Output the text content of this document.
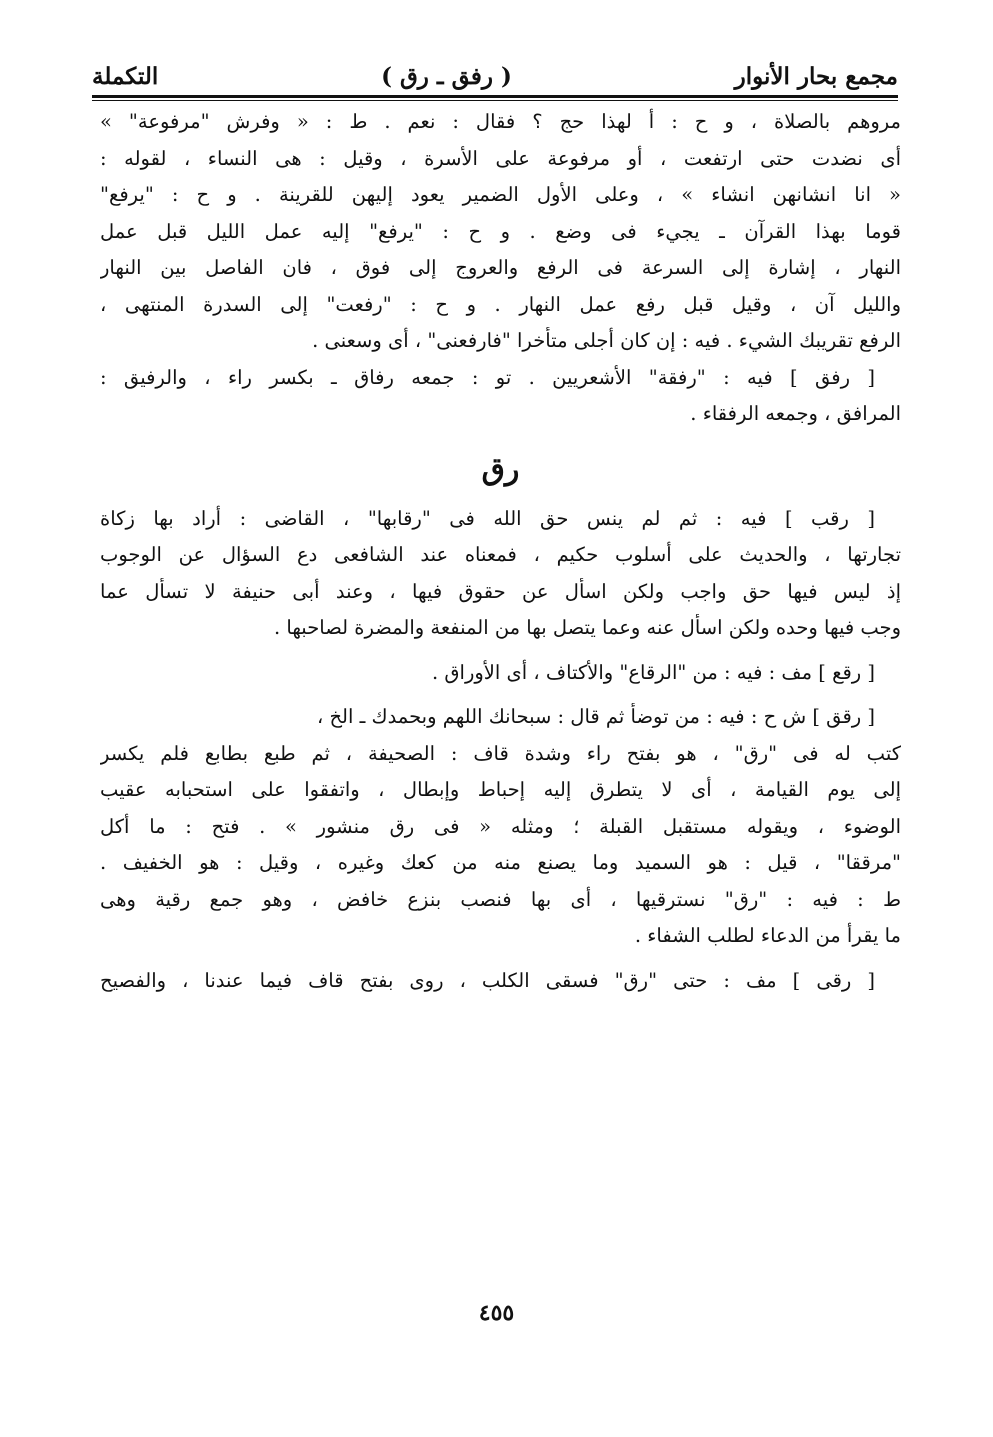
التكملة	( رفق ـ رق )	مجمع بحار الأنوار
مروهم بالصلاة ، و ح : أ لهذا حج ؟ فقال : نعم . ط : « وفرش "مرفوعة" »
أى نضدت حتى ارتفعت ، أو مرفوعة على الأسرة ، وقيل : هى النساء ، لقوله :
« انا انشانهن انشاء » ، وعلى الأول الضمير يعود إليهن للقرينة . و ح : "يرفع"
قوما بهذا القرآن ـ يجيء فى وضع . و ح : "يرفع" إليه عمل الليل قبل عمل
النهار ، إشارة إلى السرعة فى الرفع والعروج إلى فوق ، فان الفاصل بين النهار
والليل آن ، وقيل قبل رفع عمل النهار . و ح : "رفعت" إلى السدرة المنتهى ،
الرفع تقريبك الشيء . فيه : إن كان أجلى متأخرا "فارفعنى" ، أى وسعنى .
[ رفق ] فيه : "رفقة" الأشعريين . تو : جمعه رفاق ـ بكسر راء ، والرفيق :
المرافق ، وجمعه الرفقاء .
رق
[ رقب ] فيه : ثم لم ينس حق الله فى "رقابها" ، القاضى : أراد بها زكاة
تجارتها ، والحديث على أسلوب حكيم ، فمعناه عند الشافعى دع السؤال عن الوجوب
إذ ليس فيها حق واجب ولكن اسأل عن حقوق فيها ، وعند أبى حنيفة لا تسأل عما
وجب فيها وحده ولكن اسأل عنه وعما يتصل بها من المنفعة والمضرة لصاحبها .
[ رقع ] مف : فيه : من "الرقاع" والأكتاف ، أى الأوراق .
[ رقق ] ش ح : فيه : من توضأ ثم قال : سبحانك اللهم وبحمدك ـ الخ ،
كتب له فى "رق" ، هو بفتح راء وشدة قاف : الصحيفة ، ثم طبع بطابع فلم يكسر
إلى يوم القيامة ، أى لا يتطرق إليه إحباط وإبطال ، واتفقوا على استحبابه عقيب
الوضوء ، ويقوله مستقبل القبلة ؛ ومثله « فى رق منشور » . فتح : ما أكل
"مرققا" ، قيل : هو السميد وما يصنع منه من كعك وغيره ، وقيل : هو الخفيف .
ط : فيه : "رق" نسترقيها ، أى بها فنصب بنزع خافض ، وهو جمع رقية وهى
ما يقرأ من الدعاء لطلب الشفاء .
[ رقى ] مف : حتى "رق" فسقى الكلب ، روى بفتح قاف فيما عندنا ، والفصيح
٤٥٥
